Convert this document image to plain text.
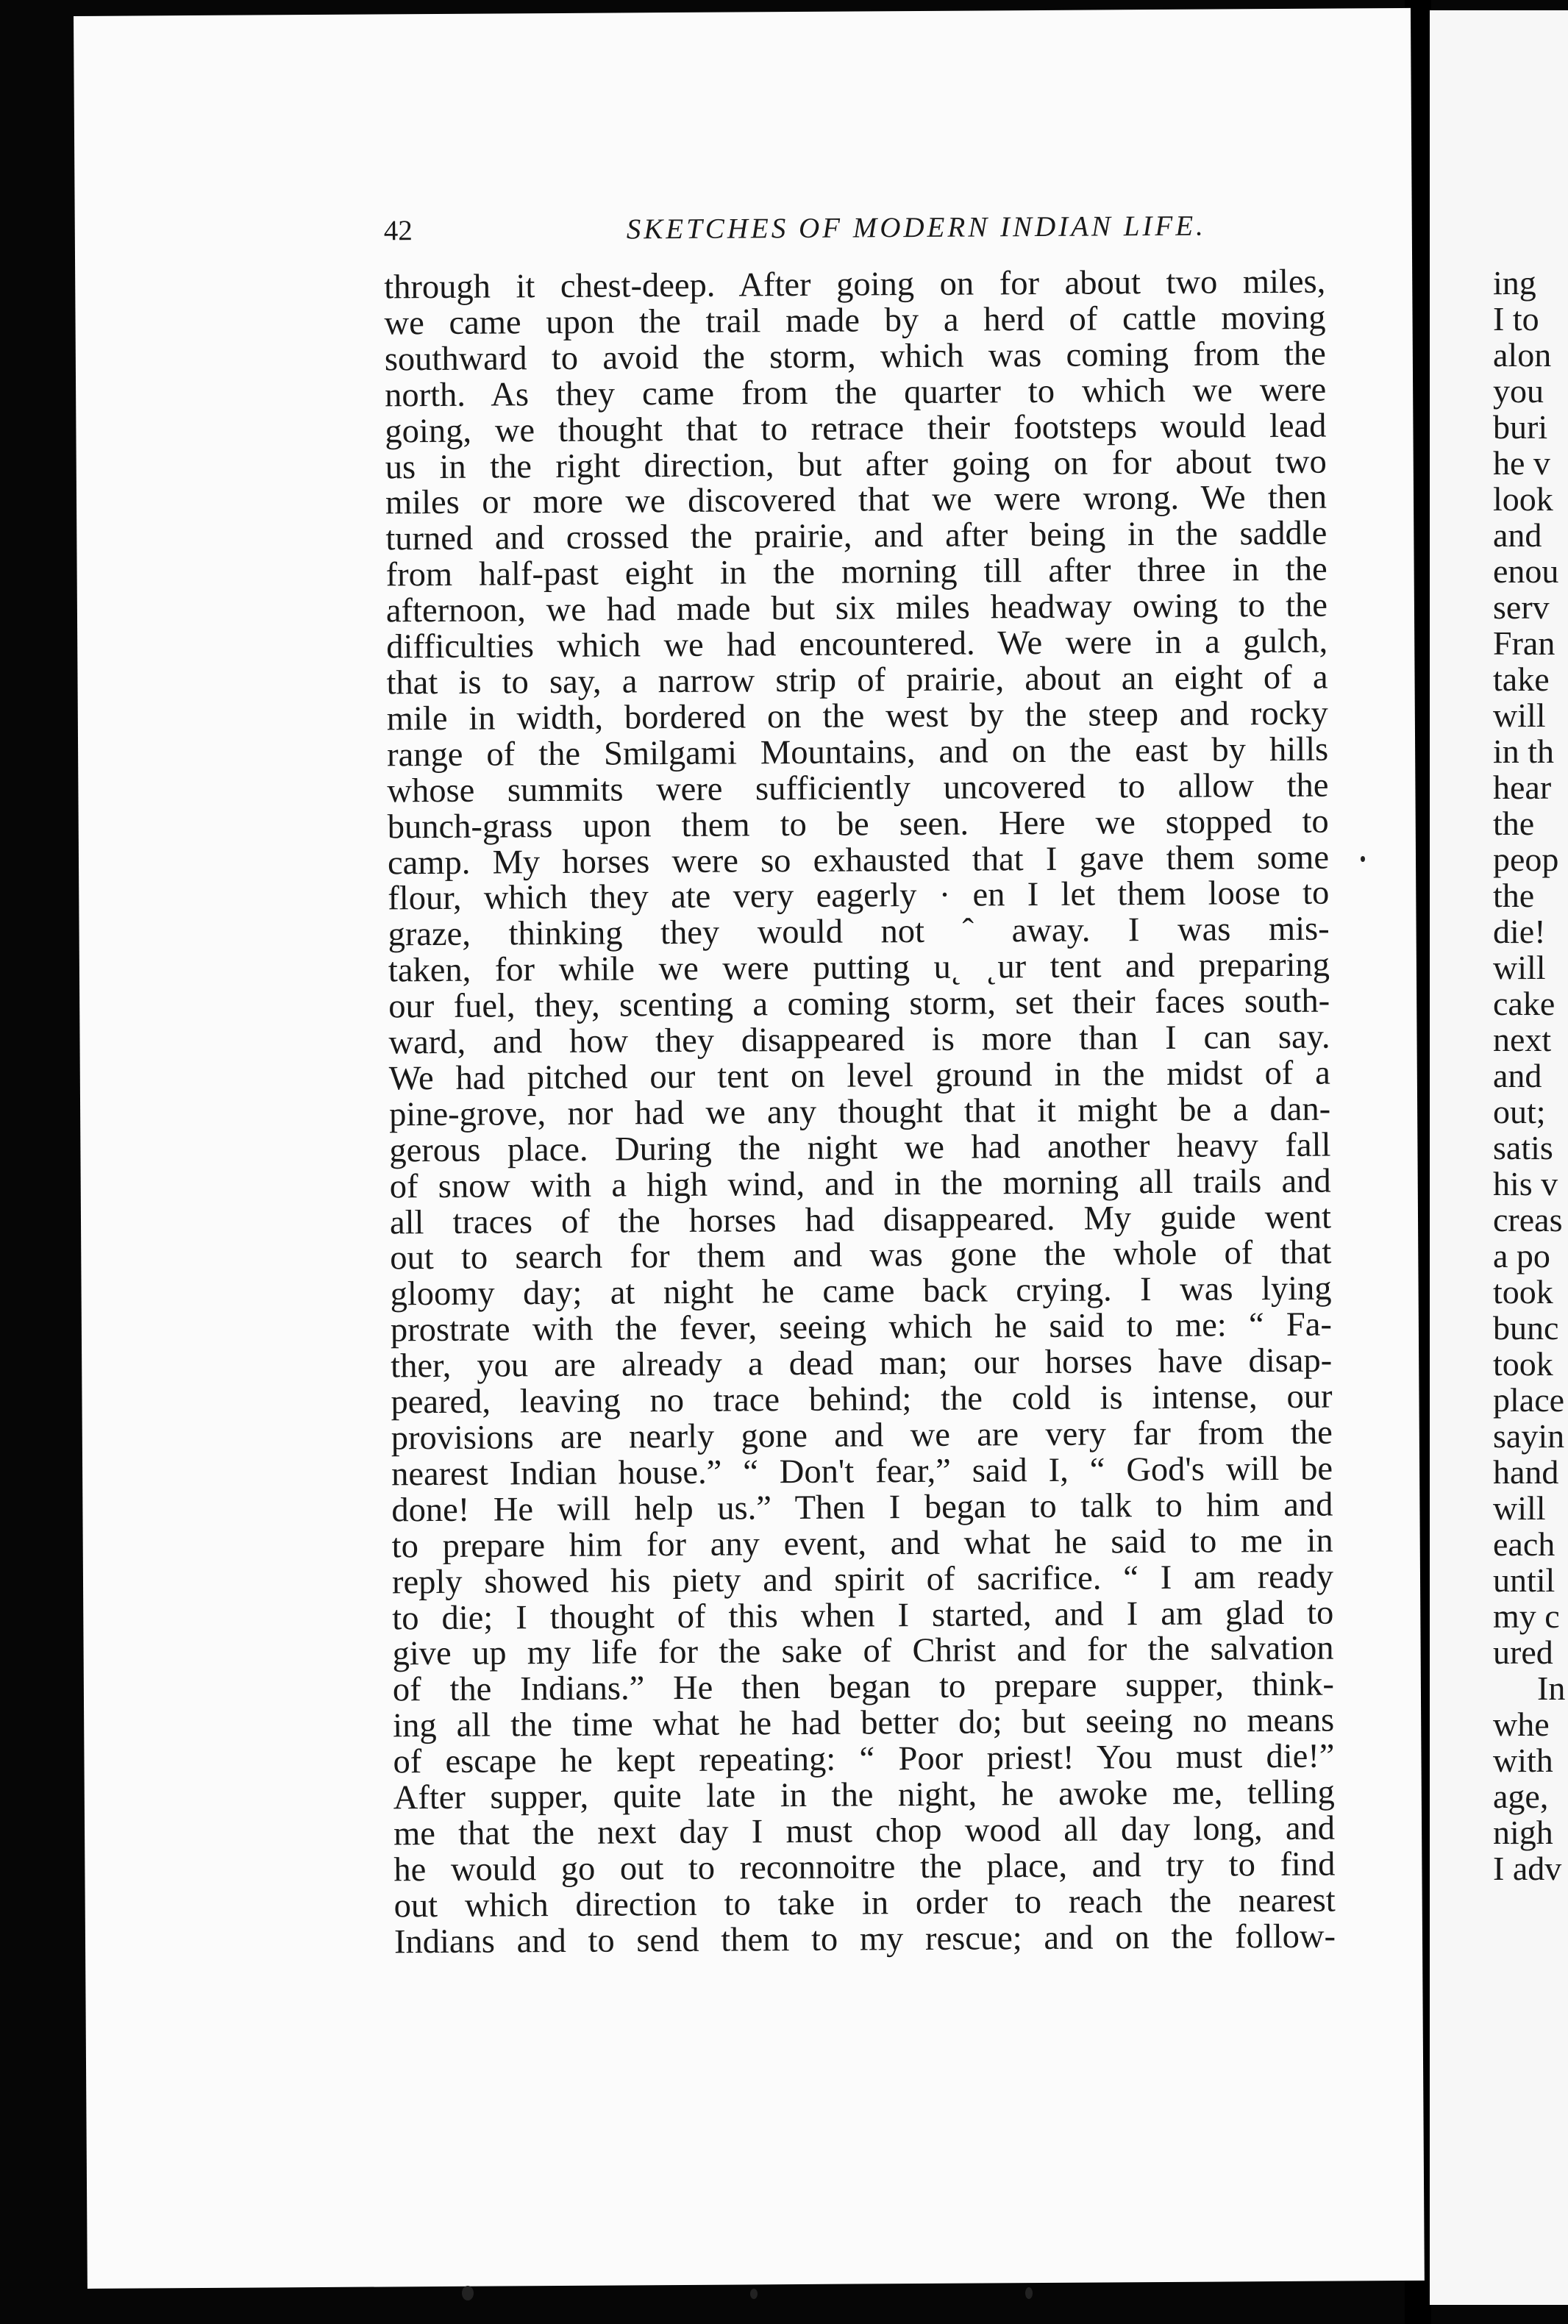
42	SKETCHES OF MODERN INDIAN LIFE.
through it chest-deep. After going on for about two miles,
we came upon the trail made by a herd of cattle moving
southward to avoid the storm, which was coming from the
north. As they came from the quarter to which we were
going, we thought that to retrace their footsteps would lead
us in the right direction, but after going on for about two
miles or more we discovered that we were wrong. We then
turned and crossed the prairie, and after being in the saddle
from half-past eight in the morning till after three in the
afternoon, we had made but six miles headway owing to the
difficulties which we had encountered. We were in a gulch,
that is to say, a narrow strip of prairie, about an eight of a
mile in width, bordered on the west by the steep and rocky
range of the Smilgami Mountains, and on the east by hills
whose summits were sufficiently uncovered to allow the
bunch-grass upon them to be seen. Here we stopped to
camp. My horses were so exhausted that I gave them some
flour, which they ate very eagerly · en I let them loose to
graze, thinking they would not ˆ away. I was mis-
taken, for while we were putting u˛ ˛ur tent and preparing
our fuel, they, scenting a coming storm, set their faces south-
ward, and how they disappeared is more than I can say.
We had pitched our tent on level ground in the midst of a
pine-grove, nor had we any thought that it might be a dan-
gerous place. During the night we had another heavy fall
of snow with a high wind, and in the morning all trails and
all traces of the horses had disappeared. My guide went
out to search for them and was gone the whole of that
gloomy day; at night he came back crying. I was lying
prostrate with the fever, seeing which he said to me: “ Fa-
ther, you are already a dead man; our horses have disap-
peared, leaving no trace behind; the cold is intense, our
provisions are nearly gone and we are very far from the
nearest Indian house.” “ Don't fear,” said I, “ God's will be
done! He will help us.” Then I began to talk to him and
to prepare him for any event, and what he said to me in
reply showed his piety and spirit of sacrifice. “ I am ready
to die; I thought of this when I started, and I am glad to
give up my life for the sake of Christ and for the salvation
of the Indians.” He then began to prepare supper, think-
ing all the time what he had better do; but seeing no means
of escape he kept repeating: “ Poor priest! You must die!”
After supper, quite late in the night, he awoke me, telling
me that the next day I must chop wood all day long, and
he would go out to reconnoitre the place, and try to find
out which direction to take in order to reach the nearest
Indians and to send them to my rescue; and on the follow-
ing
I to
alon
you
buri
he v
look
and
enou
serv
Fran
take
will
in th
hear
the
peop
the
die!
will
cake
next
and
out;
satis
his v
creas
a po
took
bunc
took
place
sayin
hand
will
each
until
my c
ured
In
whe
with
age,
nigh
I adv
